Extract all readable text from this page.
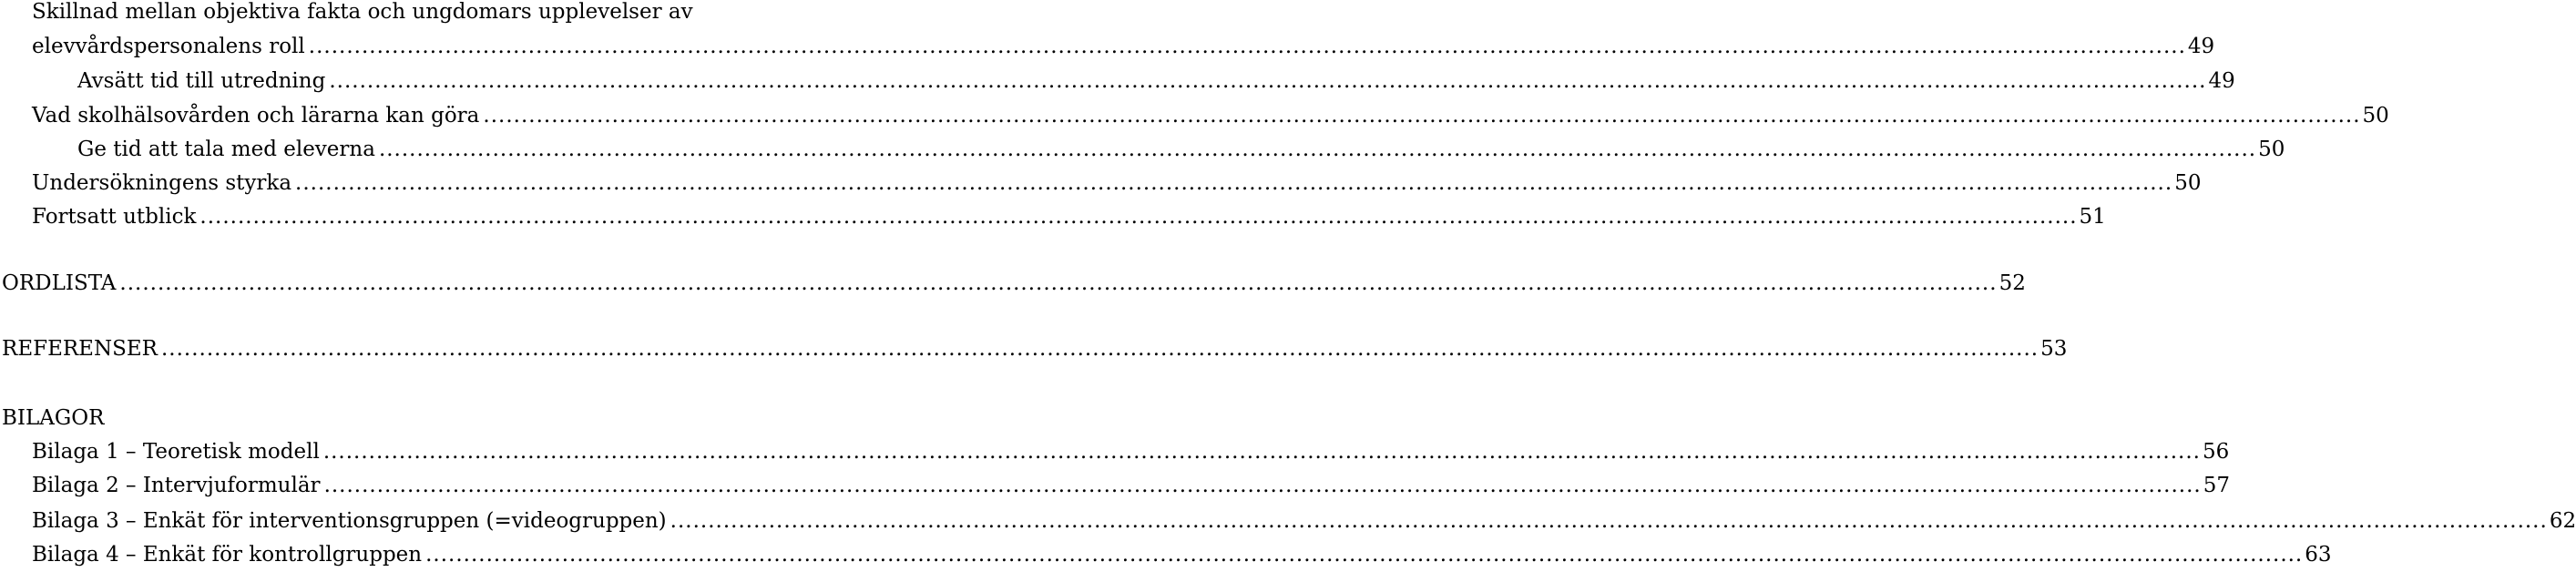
Skillnad mellan objektiva fakta och ungdomars upplevelser av
elevvårdspersonalens roll .....	49
Avsätt tid till utredning .....	49
Vad skolhälsovården och lärarna kan göra .....	50
Ge tid att tala med eleverna .....	50
Undersökningens styrka .....	50
Fortsatt utblick .....	51
ORDLISTA .....	52
REFERENSER .....	53
BILAGOR
Bilaga 1 – Teoretisk modell .....	56
Bilaga 2 – Intervjuformulär .....	57
Bilaga 3 – Enkät för interventionsgruppen (=videogruppen) .....	62
Bilaga 4 – Enkät för kontrollgruppen .....	63
